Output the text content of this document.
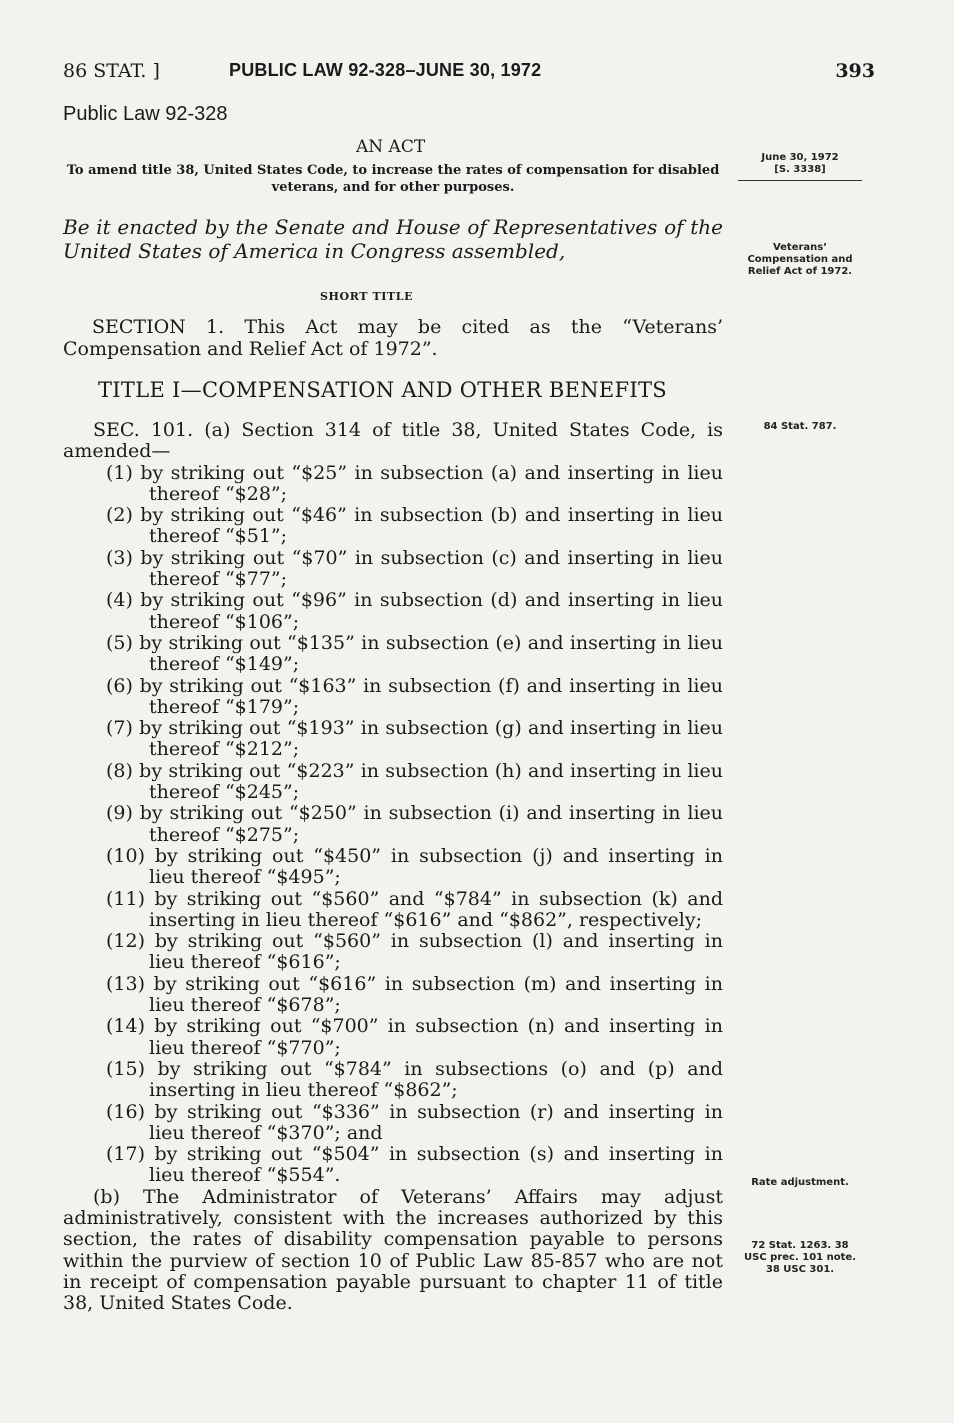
86 STAT. ]	PUBLIC LAW 92-328–JUNE 30, 1972	393
Public Law 92-328
AN ACT
To amend title 38, United States Code, to increase the rates of compensation for disabled veterans, and for other purposes.
Be it enacted by the Senate and House of Representatives of the United States of America in Congress assembled,
SHORT TITLE
SECTION 1. This Act may be cited as the “Veterans’ Compensation and Relief Act of 1972”.
TITLE I—COMPENSATION AND OTHER BENEFITS

SEC. 101. (a) Section 314 of title 38, United States Code, is amended—

(1) by striking out “$25” in subsection (a) and inserting in lieu thereof “$28”;

(2) by striking out “$46” in subsection (b) and inserting in lieu thereof “$51”;

(3) by striking out “$70” in subsection (c) and inserting in lieu thereof “$77”;

(4) by striking out “$96” in subsection (d) and inserting in lieu thereof “$106”;

(5) by striking out “$135” in subsection (e) and inserting in lieu thereof “$149”;

(6) by striking out “$163” in subsection (f) and inserting in lieu thereof “$179”;

(7) by striking out “$193” in subsection (g) and inserting in lieu thereof “$212”;

(8) by striking out “$223” in subsection (h) and inserting in lieu thereof “$245”;

(9) by striking out “$250” in subsection (i) and inserting in lieu thereof “$275”;

(10) by striking out “$450” in subsection (j) and inserting in lieu thereof “$495”;

(11) by striking out “$560” and “$784” in subsection (k) and inserting in lieu thereof “$616” and “$862”, respectively;

(12) by striking out “$560” in subsection (l) and inserting in lieu thereof “$616”;

(13) by striking out “$616” in subsection (m) and inserting in lieu thereof “$678”;

(14) by striking out “$700” in subsection (n) and inserting in lieu thereof “$770”;

(15) by striking out “$784” in subsections (o) and (p) and inserting in lieu thereof “$862”;

(16) by striking out “$336” in subsection (r) and inserting in lieu thereof “$370”; and

(17) by striking out “$504” in subsection (s) and inserting in lieu thereof “$554”.

(b) The Administrator of Veterans’ Affairs may adjust administratively, consistent with the increases authorized by this section, the rates of disability compensation payable to persons within the purview of section 10 of Public Law 85-857 who are not in receipt of compensation payable pursuant to chapter 11 of title 38, United States Code.

June 30, 1972
[S. 3338]
Veterans’ Compensation and Relief Act of 1972.
84 Stat. 787.
Rate adjustment.
72 Stat. 1263. 38 USC prec. 101 note. 38 USC 301.
